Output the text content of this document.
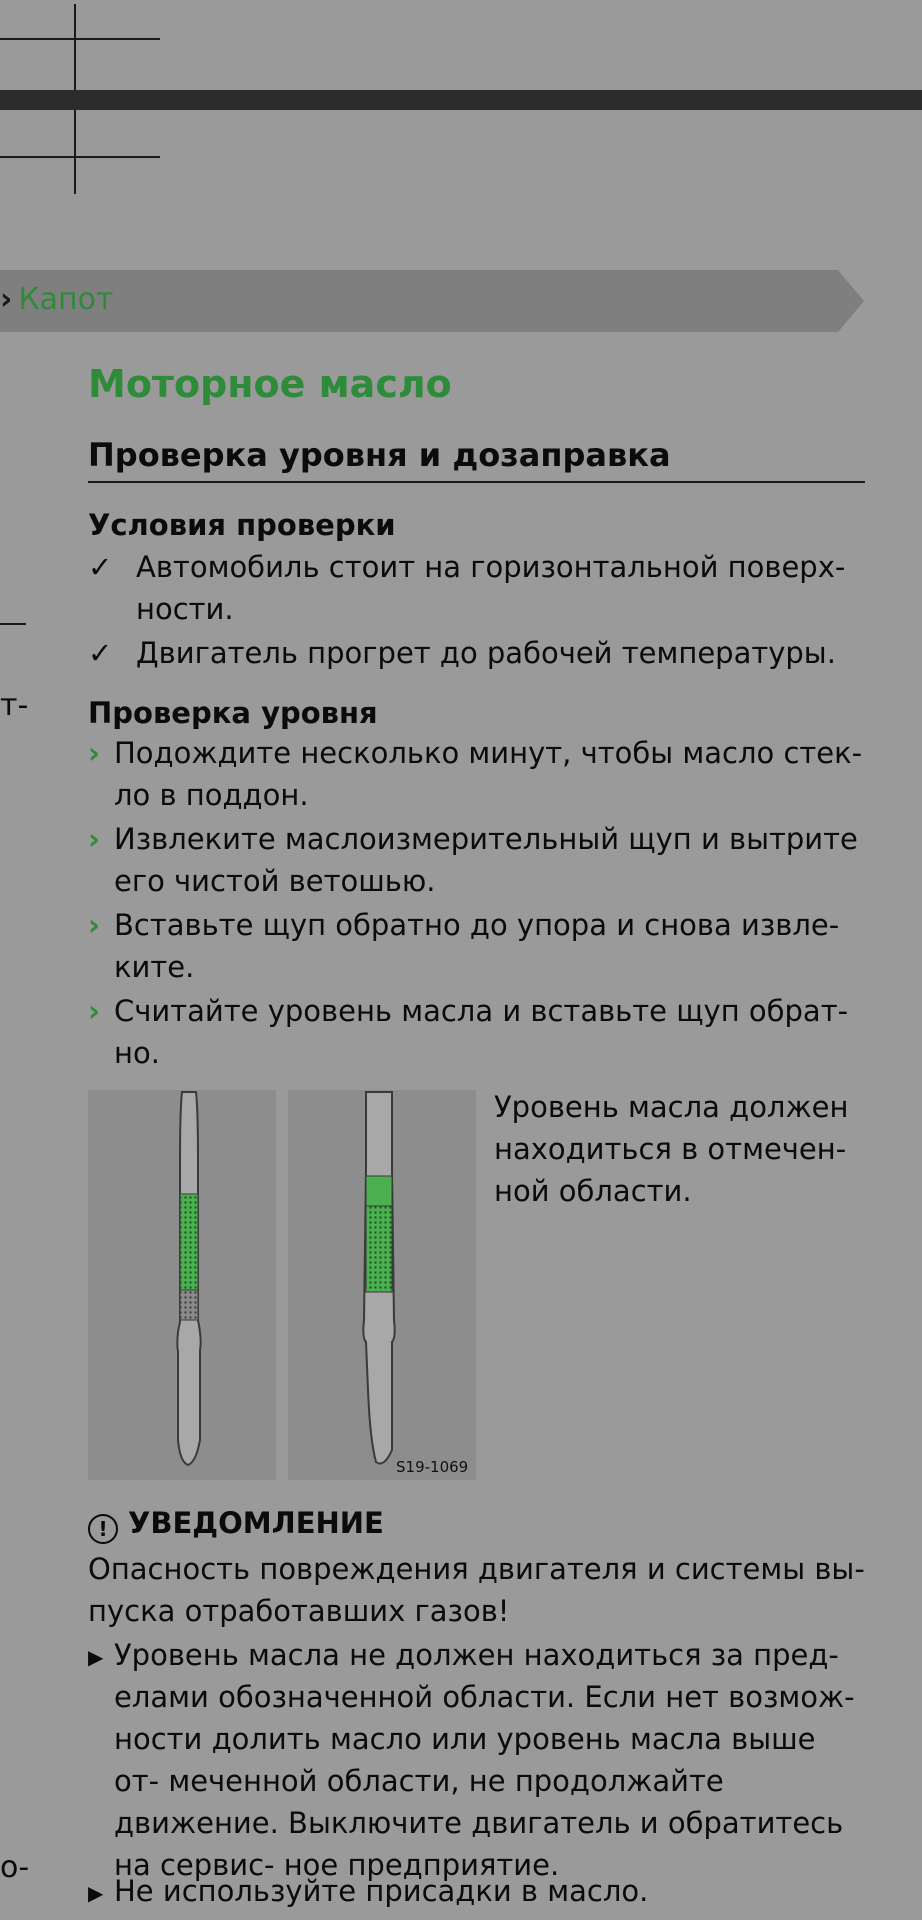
т-
о-
› Капот
Моторное масло
Проверка уровня и дозаправка
Условия проверки
✓ Автомобиль стоит на горизонтальной поверх- ности.
✓ Двигатель прогрет до рабочей температуры.
Проверка уровня
› Подождите несколько минут, чтобы масло стек- ло в поддон.
› Извлеките маслоизмерительный щуп и вытрите его чистой ветошью.
› Вставьте щуп обратно до упора и снова извле- ките.
› Считайте уровень масла и вставьте щуп обрат- но.
S19-1069
Уровень масла должен находиться в отмечен- ной области.
! УВЕДОМЛЕНИЕ
Опасность повреждения двигателя и системы вы- пуска отработавших газов!
▶ Уровень масла не должен находиться за пред- елами обозначенной области. Если нет возмож- ности долить масло или уровень масла выше от- меченной области, не продолжайте движение. Выключите двигатель и обратитесь на сервис- ное предприятие.
▶ Не используйте присадки в масло.
